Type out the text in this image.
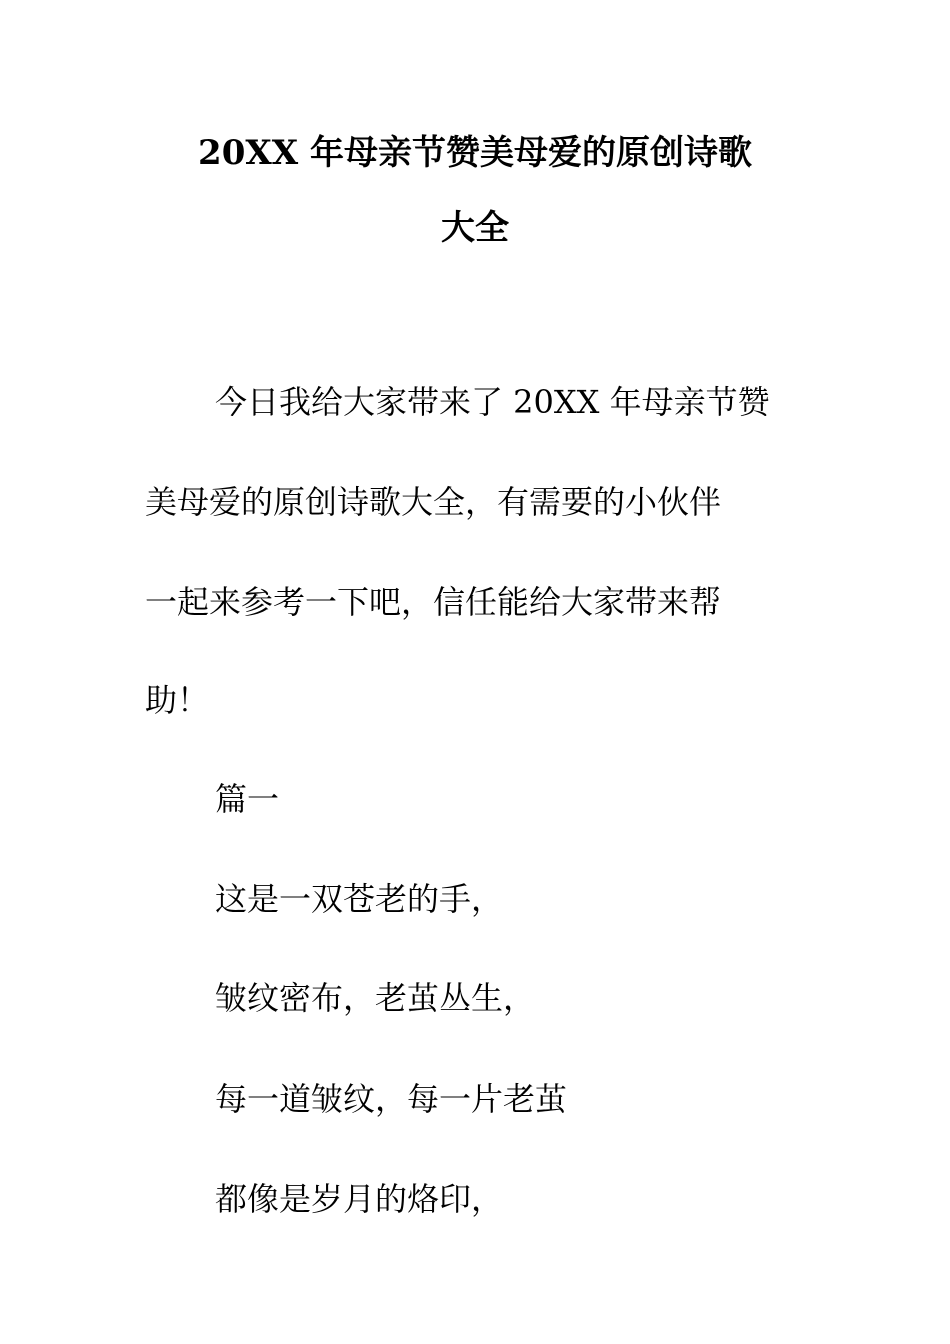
20XX 年母亲节赞美母爱的原创诗歌
大全
今日我给大家带来了 20XX 年母亲节赞
美母爱的原创诗歌大全，有需要的小伙伴
一起来参考一下吧，信任能给大家带来帮
助！
篇一
这是一双苍老的手，
皱纹密布，老茧丛生，
每一道皱纹，每一片老茧
都像是岁月的烙印，
